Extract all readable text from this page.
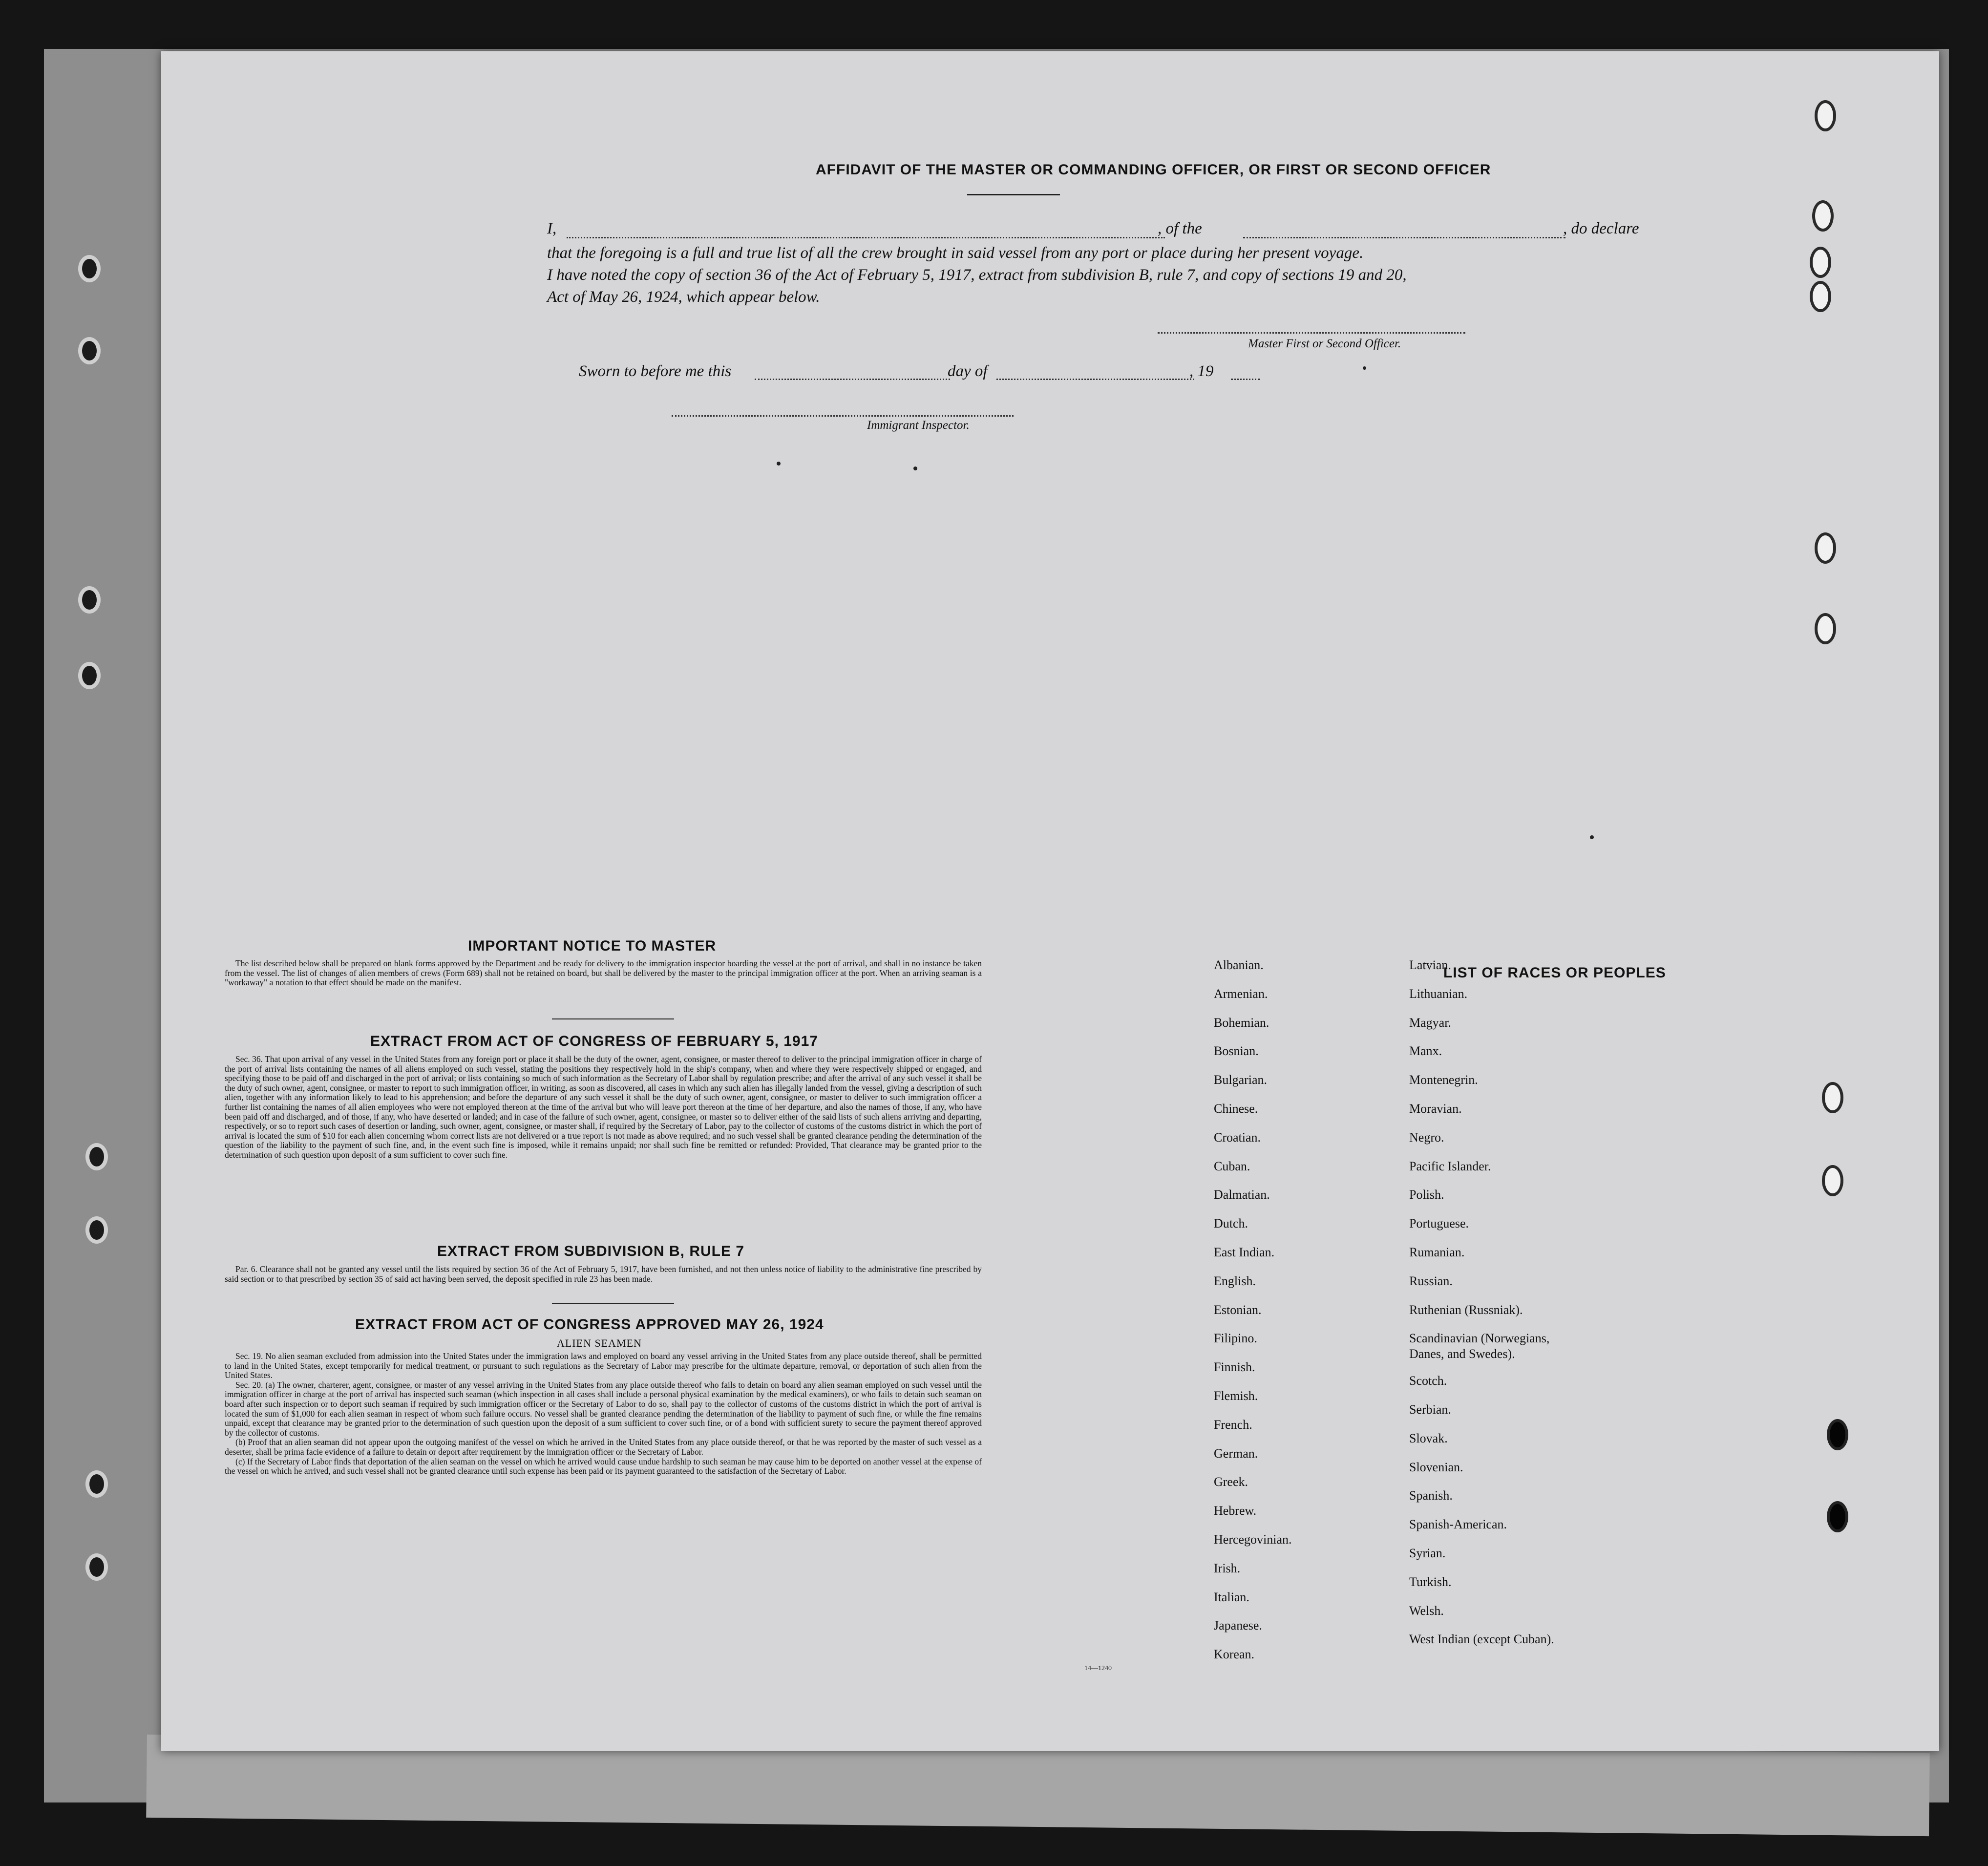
AFFIDAVIT OF THE MASTER OR COMMANDING OFFICER, OR FIRST OR SECOND OFFICER
I,	, of the	, do declare
that the foregoing is a full and true list of all the crew brought in said vessel from any port or place during her present voyage.
I have noted the copy of section 36 of the Act of February 5, 1917, extract from subdivision B, rule 7, and copy of sections 19 and 20,
Act of May 26, 1924, which appear below.
Master First or Second Officer.
Sworn to before me this	day of	, 19
Immigrant Inspector.
IMPORTANT NOTICE TO MASTER

The list described below shall be prepared on blank forms approved by the Department and be ready for delivery to the immigration inspector boarding the vessel at the port of arrival, and shall in no instance be taken from the vessel. The list of changes of alien members of crews (Form 689) shall not be retained on board, but shall be delivered by the master to the principal immigration officer at the port. When an arriving seaman is a "workaway" a notation to that effect should be made on the manifest.

EXTRACT FROM ACT OF CONGRESS OF FEBRUARY 5, 1917

Sec. 36. That upon arrival of any vessel in the United States from any foreign port or place it shall be the duty of the owner, agent, consignee, or master thereof to deliver to the principal immigration officer in charge of the port of arrival lists containing the names of all aliens employed on such vessel, stating the positions they respectively hold in the ship's company, when and where they were respectively shipped or engaged, and specifying those to be paid off and discharged in the port of arrival; or lists containing so much of such information as the Secretary of Labor shall by regulation prescribe; and after the arrival of any such vessel it shall be the duty of such owner, agent, consignee, or master to report to such immigration officer, in writing, as soon as discovered, all cases in which any such alien has illegally landed from the vessel, giving a description of such alien, together with any information likely to lead to his apprehension; and before the departure of any such vessel it shall be the duty of such owner, agent, consignee, or master to deliver to such immigration officer a further list containing the names of all alien employees who were not employed thereon at the time of the arrival but who will leave port thereon at the time of her departure, and also the names of those, if any, who have been paid off and discharged, and of those, if any, who have deserted or landed; and in case of the failure of such owner, agent, consignee, or master so to deliver either of the said lists of such aliens arriving and departing, respectively, or so to report such cases of desertion or landing, such owner, agent, consignee, or master shall, if required by the Secretary of Labor, pay to the collector of customs of the customs district in which the port of arrival is located the sum of $10 for each alien concerning whom correct lists are not delivered or a true report is not made as above required; and no such vessel shall be granted clearance pending the determination of the question of the liability to the payment of such fine, and, in the event such fine is imposed, while it remains unpaid; nor shall such fine be remitted or refunded: Provided, That clearance may be granted prior to the determination of such question upon deposit of a sum sufficient to cover such fine.

EXTRACT FROM SUBDIVISION B, RULE 7

Par. 6. Clearance shall not be granted any vessel until the lists required by section 36 of the Act of February 5, 1917, have been furnished, and not then unless notice of liability to the administrative fine prescribed by said section or to that prescribed by section 35 of said act having been served, the deposit specified in rule 23 has been made.

EXTRACT FROM ACT OF CONGRESS APPROVED MAY 26, 1924
ALIEN SEAMEN

Sec. 19. No alien seaman excluded from admission into the United States under the immigration laws and employed on board any vessel arriving in the United States from any place outside thereof, shall be permitted to land in the United States, except temporarily for medical treatment, or pursuant to such regulations as the Secretary of Labor may prescribe for the ultimate departure, removal, or deportation of such alien from the United States.

Sec. 20. (a) The owner, charterer, agent, consignee, or master of any vessel arriving in the United States from any place outside thereof who fails to detain on board any alien seaman employed on such vessel until the immigration officer in charge at the port of arrival has inspected such seaman (which inspection in all cases shall include a personal physical examination by the medical examiners), or who fails to detain such seaman on board after such inspection or to deport such seaman if required by such immigration officer or the Secretary of Labor to do so, shall pay to the collector of customs of the customs district in which the port of arrival is located the sum of $1,000 for each alien seaman in respect of whom such failure occurs. No vessel shall be granted clearance pending the determination of the liability to payment of such fine, or while the fine remains unpaid, except that clearance may be granted prior to the determination of such question upon the deposit of a sum sufficient to cover such fine, or of a bond with sufficient surety to secure the payment thereof approved by the collector of customs.

(b) Proof that an alien seaman did not appear upon the outgoing manifest of the vessel on which he arrived in the United States from any place outside thereof, or that he was reported by the master of such vessel as a deserter, shall be prima facie evidence of a failure to detain or deport after requirement by the immigration officer or the Secretary of Labor.

(c) If the Secretary of Labor finds that deportation of the alien seaman on the vessel on which he arrived would cause undue hardship to such seaman he may cause him to be deported on another vessel at the expense of the vessel on which he arrived, and such vessel shall not be granted clearance until such expense has been paid or its payment guaranteed to the satisfaction of the Secretary of Labor.

14—1240
LIST OF RACES OR PEOPLES
Albanian.
Armenian.
Bohemian.
Bosnian.
Bulgarian.
Chinese.
Croatian.
Cuban.
Dalmatian.
Dutch.
East Indian.
English.
Estonian.
Filipino.
Finnish.
Flemish.
French.
German.
Greek.
Hebrew.
Hercegovinian.
Irish.
Italian.
Japanese.
Korean.
Latvian.
Lithuanian.
Magyar.
Manx.
Montenegrin.
Moravian.
Negro.
Pacific Islander.
Polish.
Portuguese.
Rumanian.
Russian.
Ruthenian (Russniak).
Scandinavian (Norwegians,
Danes, and Swedes).
Scotch.
Serbian.
Slovak.
Slovenian.
Spanish.
Spanish-American.
Syrian.
Turkish.
Welsh.
West Indian (except Cuban).
